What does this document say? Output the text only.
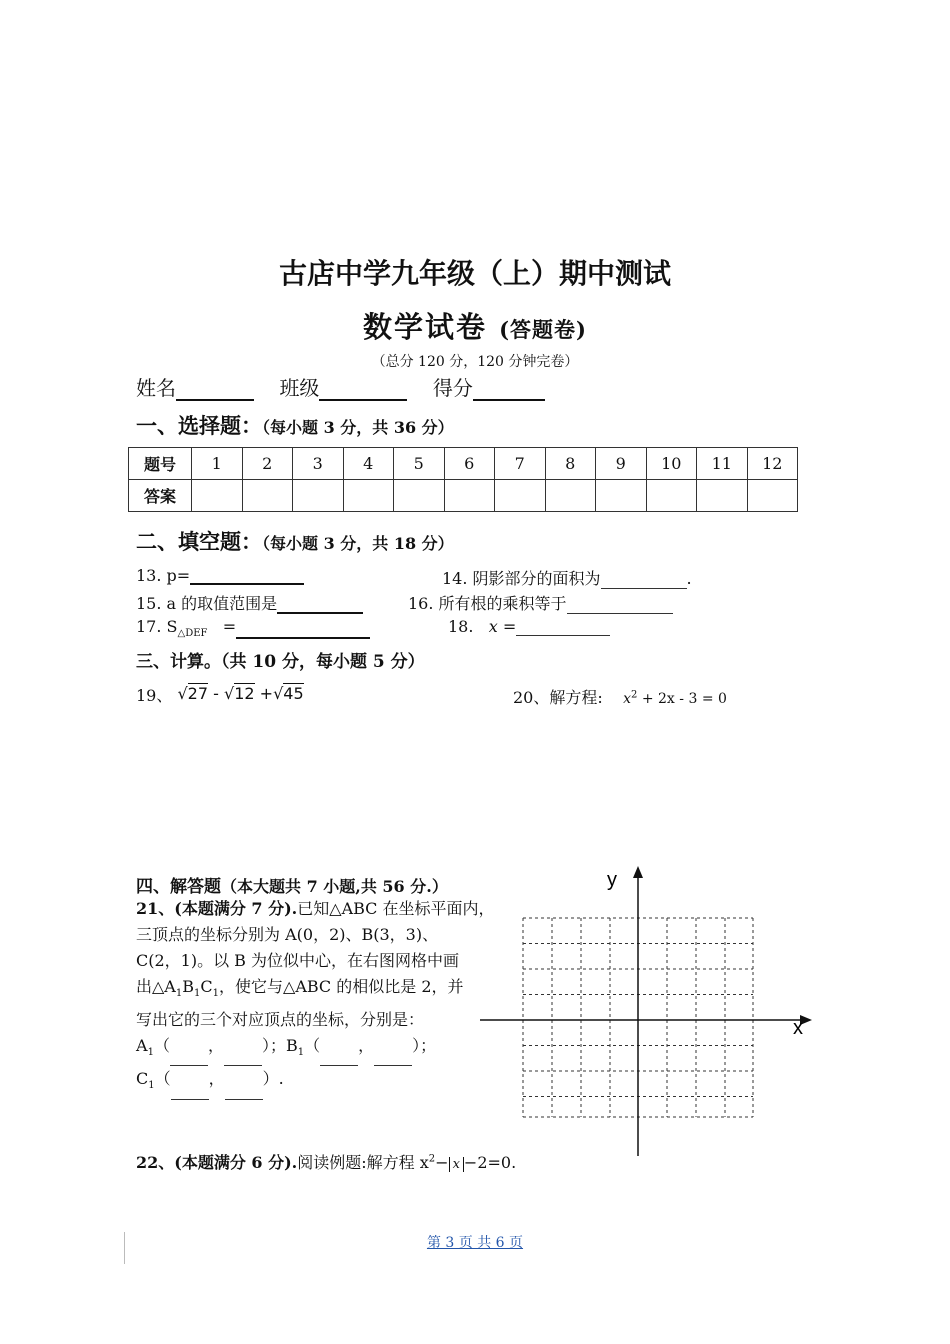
古店中学九年级（上）期中测试
数学试卷 (答题卷)
（总分 120 分，120 分钟完卷）
姓名	班级	得分
一、选择题：（每小题 3 分，共 36 分）
题号	1	2	3	4	5	6	7	8	9	10	11	12
答案												
二、填空题：（每小题 3 分，共 18 分）
13. p=	14. 阴影部分的面积为	.
15. a 的取值范围是	16. 所有根的乘积等于
17. $S_{\triangle DEF}$ =	18. x =
三、计算。（共 10 分，每小题 5 分）
19、 √27 - √12 +√45	20、解方程: $x^2 + 2x - 3 = 0$
四、解答题（本大题共 7 小题,共 56 分.）
21、(本题满分 7 分).已知△ABC 在坐标平面内，
三顶点的坐标分别为 A(0，2)、B(3，3)、
C(2，1)。以 B 为位似中心，在右图网格中画
出$\triangle A_1B_1C_1$，使它与△ABC 的相似比是 2，并
写出它的三个对应顶点的坐标，分别是：
$A_1$（ ， ）；$B_1$（ ， ）；
$C_1$（ ， ）.
y
x
22、(本题满分 6 分).阅读例题:解方程 $x^2- x -2=0$.
第 3 页 共 6 页
